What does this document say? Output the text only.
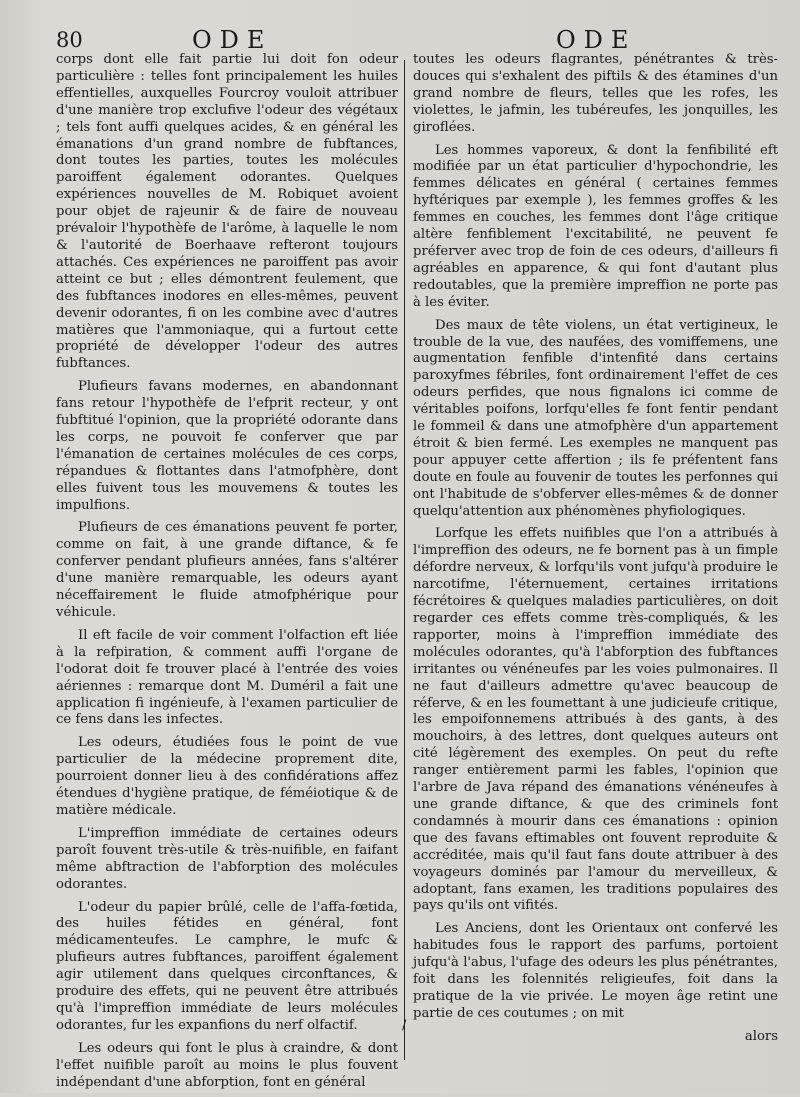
80	ODE	ODE

corps dont elle fait partie lui doit fon odeur particulière : telles font principalement les huiles effentielles, auxquelles Fourcroy vouloit attribuer d'une manière trop exclufive l'odeur des végétaux ; tels font auffi quelques acides, & en général les émanations d'un grand nombre de fubftances, dont toutes les parties, toutes les molécules paroiffent également odorantes. Quelques expériences nouvelles de M. Robiquet avoient pour objet de rajeunir & de faire de nouveau prévaloir l'hypothèfe de l'arôme, à laquelle le nom & l'autorité de Boerhaave refteront toujours attachés. Ces expériences ne paroiffent pas avoir atteint ce but ; elles démontrent feulement, que des fubftances inodores en elles-mêmes, peuvent devenir odorantes, fi on les combine avec d'autres matières que l'ammoniaque, qui a furtout cette propriété de développer l'odeur des autres fubftances.

Plufieurs favans modernes, en abandonnant fans retour l'hypothèfe de l'efprit recteur, y ont fubftitué l'opinion, que la propriété odorante dans les corps, ne pouvoit fe conferver que par l'émanation de certaines molécules de ces corps, répandues & flottantes dans l'atmofphère, dont elles fuivent tous les mouvemens & toutes les impulfions.

Plufieurs de ces émanations peuvent fe porter, comme on fait, à une grande diftance, & fe conferver pendant plufieurs années, fans s'altérer d'une manière remarquable, les odeurs ayant néceffairement le fluide atmofphérique pour véhicule.

Il eft facile de voir comment l'olfaction eft liée à la refpiration, & comment auffi l'organe de l'odorat doit fe trouver placé à l'entrée des voies aériennes : remarque dont M. Duméril a fait une application fi ingénieufe, à l'examen particulier de ce fens dans les infectes.

Les odeurs, étudiées fous le point de vue particulier de la médecine proprement dite, pourroient donner lieu à des confidérations affez étendues d'hygiène pratique, de féméiotique & de matière médicale.

L'impreffion immédiate de certaines odeurs paroît fouvent très-utile & très-nuifible, en faifant même abftraction de l'abforption des molécules odorantes.

L'odeur du papier brûlé, celle de l'affa-fœtida, des huiles fétides en général, font médicamenteufes. Le camphre, le mufc & plufieurs autres fubftances, paroiffent également agir utilement dans quelques circonftances, & produire des effets, qui ne peuvent être attribués qu'à l'impreffion immédiate de leurs molécules odorantes, fur les expanfions du nerf olfactif.

Les odeurs qui font le plus à craindre, & dont l'effet nuifible paroît au moins le plus fouvent indépendant d'une abforption, font en général

toutes les odeurs flagrantes, pénétrantes & très-douces qui s'exhalent des piftils & des étamines d'un grand nombre de fleurs, telles que les rofes, les violettes, le jafmin, les tubéreufes, les jonquilles, les giroflées.

Les hommes vaporeux, & dont la fenfibilité eft modifiée par un état particulier d'hypochondrie, les femmes délicates en général ( certaines femmes hyftériques par exemple ), les femmes groffes & les femmes en couches, les femmes dont l'âge critique altère fenfiblement l'excitabilité, ne peuvent fe préferver avec trop de foin de ces odeurs, d'ailleurs fi agréables en apparence, & qui font d'autant plus redoutables, que la première impreffion ne porte pas à les éviter.

Des maux de tête violens, un état vertigineux, le trouble de la vue, des naufées, des vomiffemens, une augmentation fenfible d'intenfité dans certains paroxyfmes fébriles, font ordinairement l'effet de ces odeurs perfides, que nous fignalons ici comme de véritables poifons, lorfqu'elles fe font fentir pendant le fommeil & dans une atmofphère d'un appartement étroit & bien fermé. Les exemples ne manquent pas pour appuyer cette affertion ; ils fe préfentent fans doute en foule au fouvenir de toutes les perfonnes qui ont l'habitude de s'obferver elles-mêmes & de donner quelqu'attention aux phénomènes phyfiologiques.

Lorfque les effets nuifibles que l'on a attribués à l'impreffion des odeurs, ne fe bornent pas à un fimple défordre nerveux, & lorfqu'ils vont jufqu'à produire le narcotifme, l'éternuement, certaines irritations fécrétoires & quelques maladies particulières, on doit regarder ces effets comme très-compliqués, & les rapporter, moins à l'impreffion immédiate des molécules odorantes, qu'à l'abforption des fubftances irritantes ou vénéneufes par les voies pulmonaires. Il ne faut d'ailleurs admettre qu'avec beaucoup de réferve, & en les foumettant à une judicieufe critique, les empoifonnemens attribués à des gants, à des mouchoirs, à des lettres, dont quelques auteurs ont cité légèrement des exemples. On peut du refte ranger entièrement parmi les fables, l'opinion que l'arbre de Java répand des émanations vénéneufes à une grande diftance, & que des criminels font condamnés à mourir dans ces émanations : opinion que des favans eftimables ont fouvent reproduite & accréditée, mais qu'il faut fans doute attribuer à des voyageurs dominés par l'amour du merveilleux, & adoptant, fans examen, les traditions populaires des pays qu'ils ont vifités.

Les Anciens, dont les Orientaux ont confervé les habitudes fous le rapport des parfums, portoient jufqu'à l'abus, l'ufage des odeurs les plus pénétrantes, foit dans les folennités religieufes, foit dans la pratique de la vie privée. Le moyen âge retint une partie de ces coutumes ; on mit

alors

/
